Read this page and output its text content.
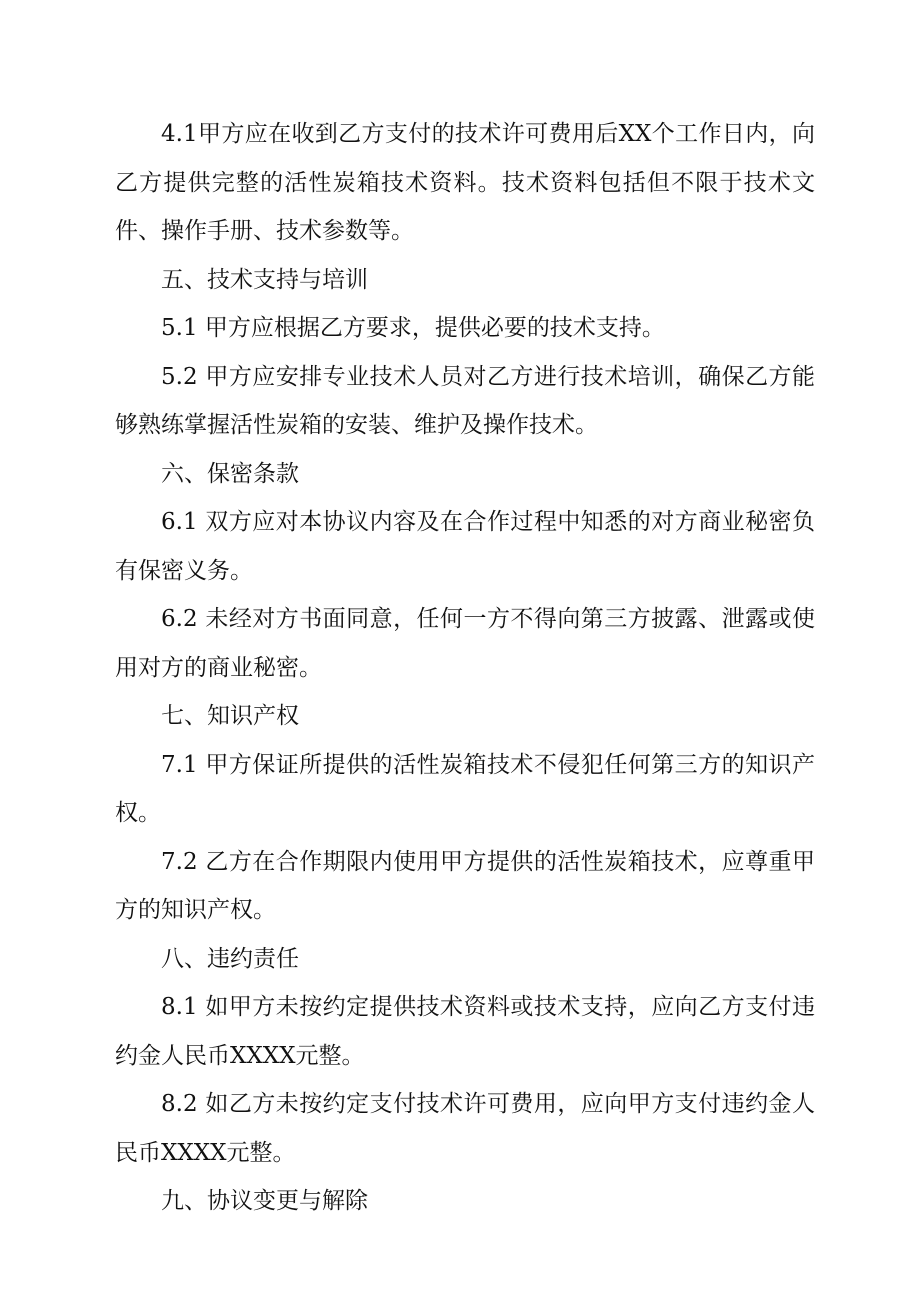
4.1甲方应在收到乙方支付的技术许可费用后XX个工作日内，向乙方提供完整的活性炭箱技术资料。技术资料包括但不限于技术文件、操作手册、技术参数等。

五、技术支持与培训

5.1 甲方应根据乙方要求，提供必要的技术支持。

5.2 甲方应安排专业技术人员对乙方进行技术培训，确保乙方能够熟练掌握活性炭箱的安装、维护及操作技术。

六、保密条款

6.1 双方应对本协议内容及在合作过程中知悉的对方商业秘密负有保密义务。

6.2 未经对方书面同意，任何一方不得向第三方披露、泄露或使用对方的商业秘密。

七、知识产权

7.1 甲方保证所提供的活性炭箱技术不侵犯任何第三方的知识产权。

7.2 乙方在合作期限内使用甲方提供的活性炭箱技术，应尊重甲方的知识产权。

八、违约责任

8.1 如甲方未按约定提供技术资料或技术支持，应向乙方支付违约金人民币XXXX元整。

8.2 如乙方未按约定支付技术许可费用，应向甲方支付违约金人民币XXXX元整。

九、协议变更与解除
